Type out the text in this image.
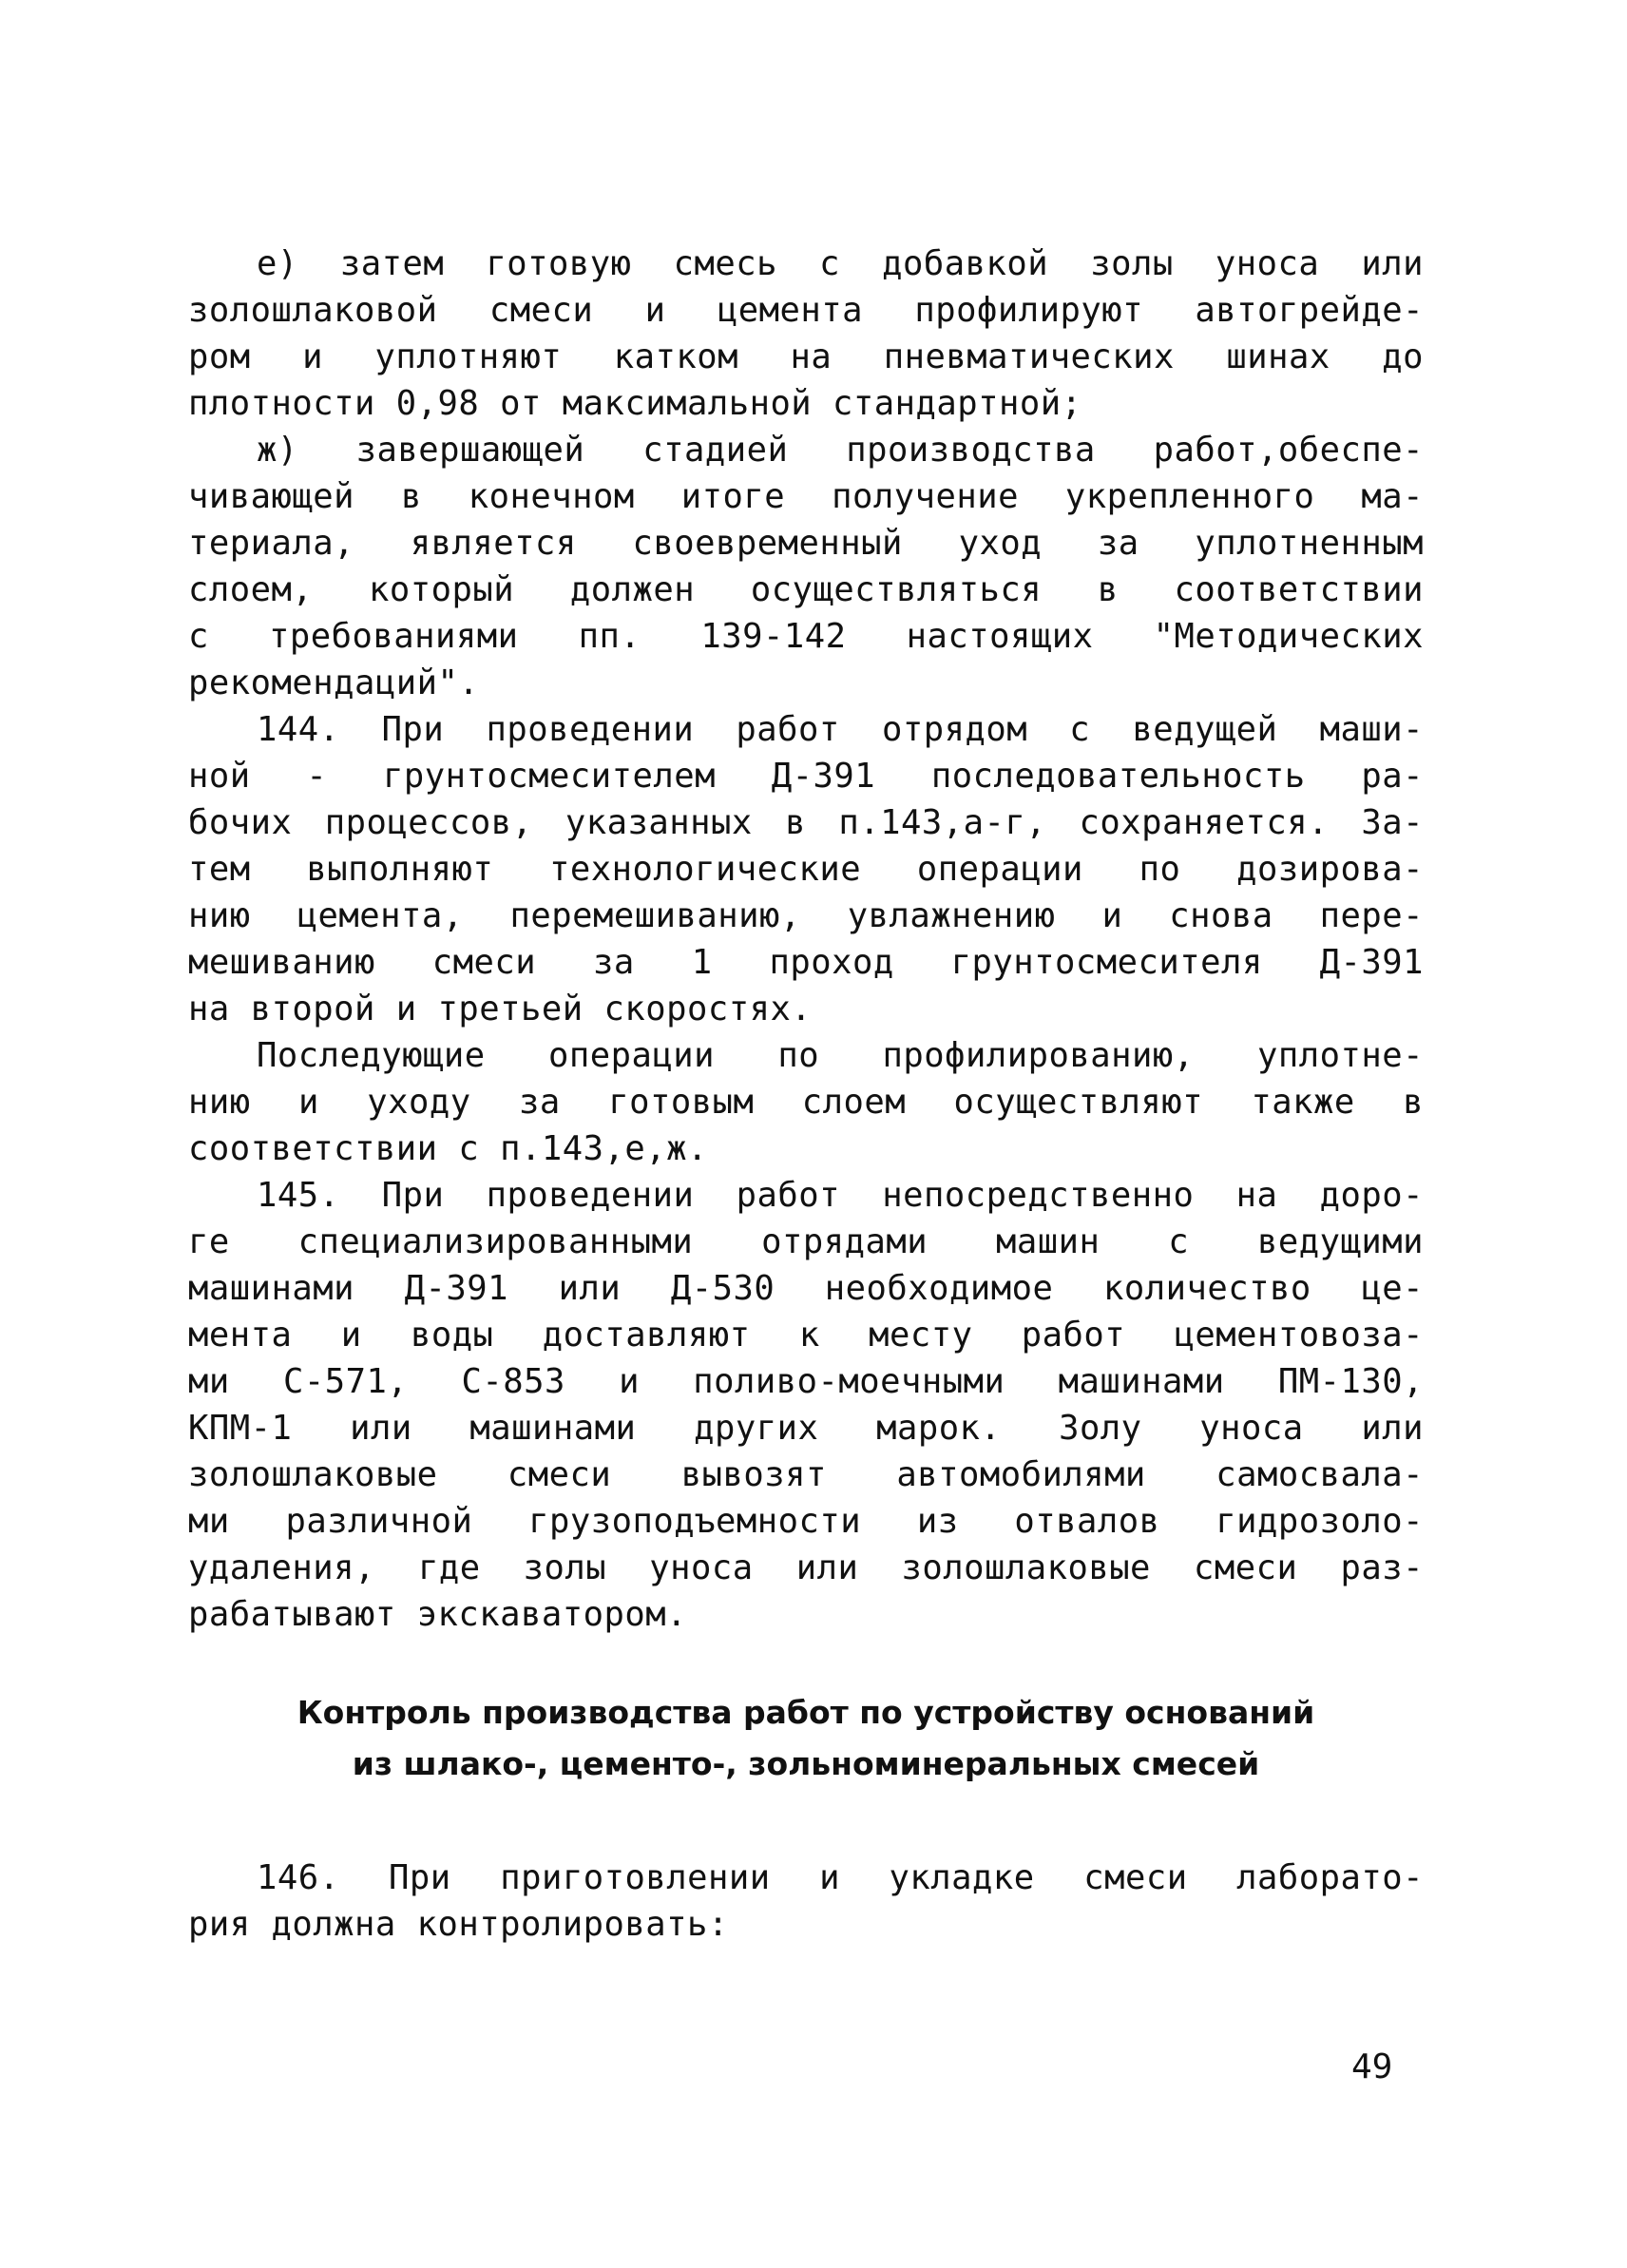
е) затем готовую смесь с добавкой золы уноса или
золошлаковой смеси и цемента профилируют автогрейде-
ром и уплотняют катком на пневматических шинах до
плотности 0,98 от максимальной стандартной;
ж) завершающей стадией производства работ,обеспе-
чивающей в конечном итоге получение укрепленного ма-
териала, является своевременный уход за уплотненным
слоем, который должен осуществляться в соответствии
с требованиями пп. 139-142 настоящих "Методических
рекомендаций".
144. При проведении работ отрядом с ведущей маши-
ной - грунтосмесителем Д-391 последовательность ра-
бочих процессов, указанных в п.143,а-г, сохраняется. За-
тем выполняют технологические операции по дозирова-
нию цемента, перемешиванию, увлажнению и снова пере-
мешиванию смеси за 1 проход грунтосмесителя Д-391
на второй и третьей скоростях.
Последующие операции по профилированию, уплотне-
нию и уходу за готовым слоем осуществляют также в
соответствии с п.143,е,ж.
145. При проведении работ непосредственно на доро-
ге специализированными отрядами машин с ведущими
машинами Д-391 или Д-530 необходимое количество це-
мента и воды доставляют к месту работ цементовоза-
ми С-571, С-853 и поливо-моечными машинами ПМ-130,
КПМ-1 или машинами других марок. Золу уноса или
золошлаковые смеси вывозят автомобилями самосвала-
ми различной грузоподъемности из отвалов гидрозоло-
удаления, где золы уноса или золошлаковые смеси раз-
рабатывают экскаватором.
Контроль производства работ по устройству оснований
из шлако-, цементо-, зольноминеральных смесей
146. При приготовлении и укладке смеси лаборато-
рия должна контролировать:
49
